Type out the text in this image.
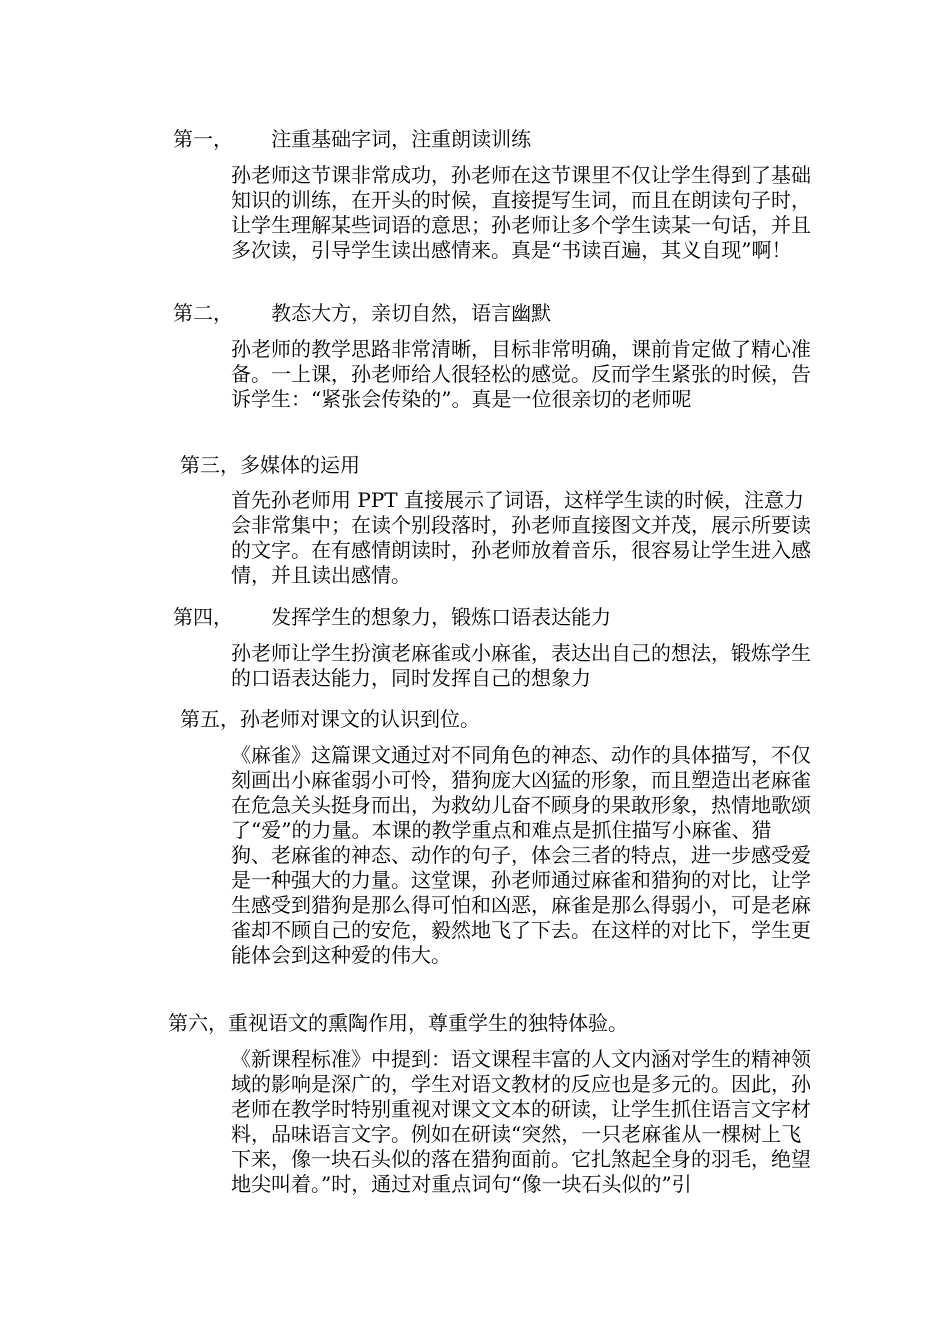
第一，      注重基础字词，注重朗读训练

孙老师这节课非常成功，孙老师在这节课里不仅让学生得到了基础知识的训练，在开头的时候，直接提写生词，而且在朗读句子时，让学生理解某些词语的意思；孙老师让多个学生读某一句话，并且多次读，引导学生读出感情来。真是“书读百遍，其义自现”啊！

第二，      教态大方，亲切自然，语言幽默

孙老师的教学思路非常清晰，目标非常明确，课前肯定做了精心准备。一上课，孙老师给人很轻松的感觉。反而学生紧张的时候，告诉学生：“紧张会传染的”。真是一位很亲切的老师呢

第三，多媒体的运用

首先孙老师用 PPT 直接展示了词语，这样学生读的时候，注意力会非常集中；在读个别段落时，孙老师直接图文并茂，展示所要读的文字。在有感情朗读时，孙老师放着音乐，很容易让学生进入感情，并且读出感情。

第四，      发挥学生的想象力，锻炼口语表达能力

孙老师让学生扮演老麻雀或小麻雀，表达出自己的想法，锻炼学生的口语表达能力，同时发挥自己的想象力

第五，孙老师对课文的认识到位。

《麻雀》这篇课文通过对不同角色的神态、动作的具体描写，不仅刻画出小麻雀弱小可怜，猎狗庞大凶猛的形象，而且塑造出老麻雀在危急关头挺身而出，为救幼儿奋不顾身的果敢形象，热情地歌颂了“爱”的力量。本课的教学重点和难点是抓住描写小麻雀、猎狗、老麻雀的神态、动作的句子，体会三者的特点，进一步感受爱是一种强大的力量。这堂课，孙老师通过麻雀和猎狗的对比，让学生感受到猎狗是那么得可怕和凶恶，麻雀是那么得弱小，可是老麻雀却不顾自己的安危，毅然地飞了下去。在这样的对比下，学生更能体会到这种爱的伟大。

第六，重视语文的熏陶作用，尊重学生的独特体验。

《新课程标准》中提到：语文课程丰富的人文内涵对学生的精神领域的影响是深广的，学生对语文教材的反应也是多元的。因此，孙老师在教学时特别重视对课文文本的研读，让学生抓住语言文字材料，品味语言文字。例如在研读“突然，一只老麻雀从一棵树上飞下来，像一块石头似的落在猎狗面前。它扎煞起全身的羽毛，绝望地尖叫着。”时，通过对重点词句“像一块石头似的”引
